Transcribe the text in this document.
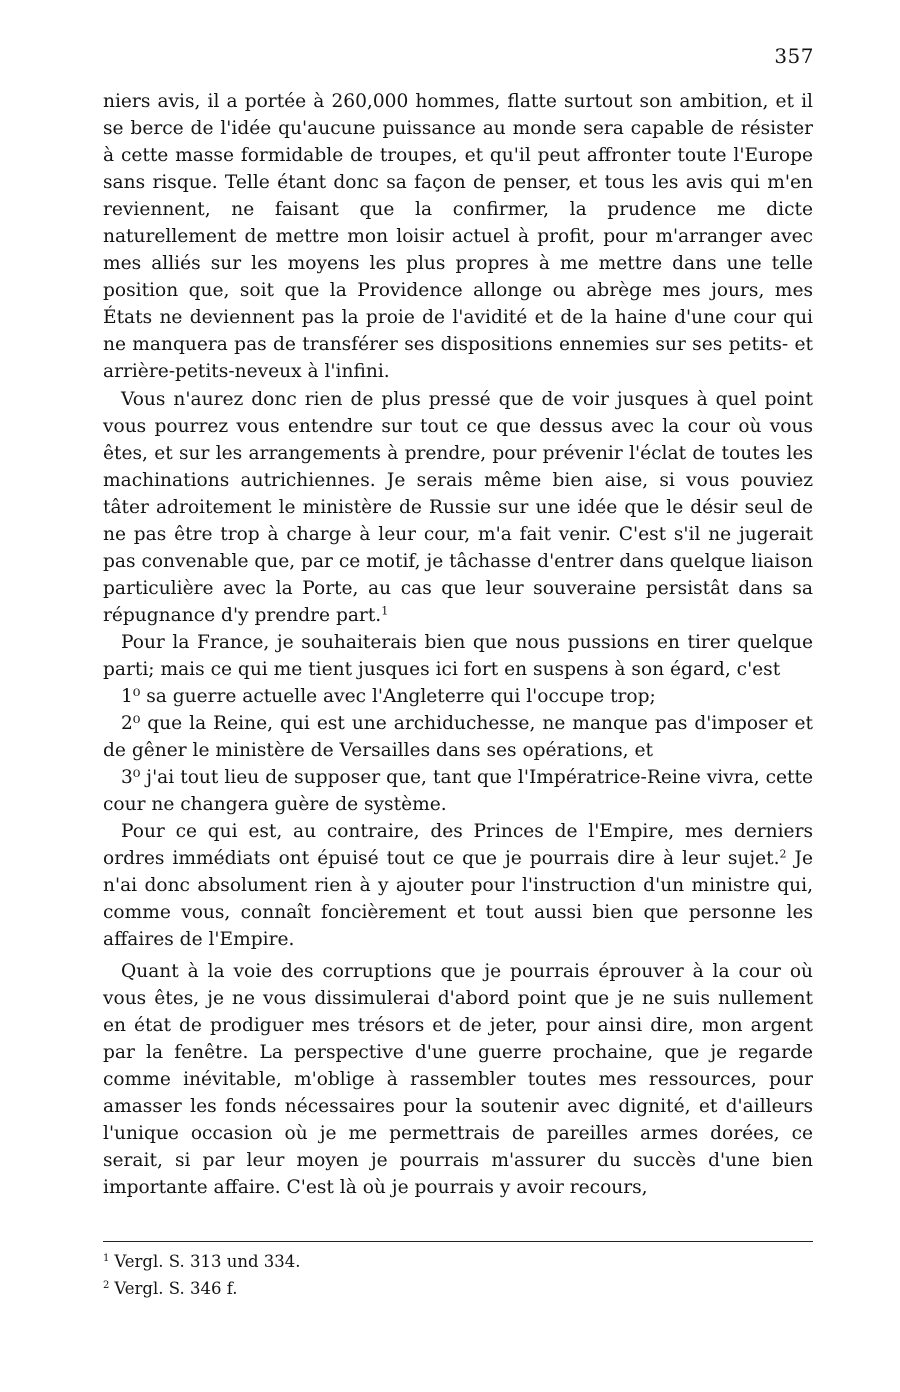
357

niers avis, il a portée à 260,000 hommes, flatte surtout son ambition, et il se berce de l'idée qu'aucune puissance au monde sera capable de résister à cette masse formidable de troupes, et qu'il peut affronter toute l'Europe sans risque. Telle étant donc sa façon de penser, et tous les avis qui m'en reviennent, ne faisant que la confirmer, la prudence me dicte naturellement de mettre mon loisir actuel à profit, pour m'arranger avec mes alliés sur les moyens les plus propres à me mettre dans une telle position que, soit que la Providence allonge ou abrège mes jours, mes États ne deviennent pas la proie de l'avidité et de la haine d'une cour qui ne manquera pas de transférer ses dispositions ennemies sur ses petits- et arrière-petits-neveux à l'infini.

Vous n'aurez donc rien de plus pressé que de voir jusques à quel point vous pourrez vous entendre sur tout ce que dessus avec la cour où vous êtes, et sur les arrangements à prendre, pour prévenir l'éclat de toutes les machinations autrichiennes. Je serais même bien aise, si vous pouviez tâter adroitement le ministère de Russie sur une idée que le désir seul de ne pas être trop à charge à leur cour, m'a fait venir. C'est s'il ne jugerait pas convenable que, par ce motif, je tâchasse d'entrer dans quelque liaison particulière avec la Porte, au cas que leur souveraine persistât dans sa répugnance d'y prendre part.$^1$

Pour la France, je souhaiterais bien que nous pussions en tirer quelque parti; mais ce qui me tient jusques ici fort en suspens à son égard, c'est

1⁰ sa guerre actuelle avec l'Angleterre qui l'occupe trop;

2⁰ que la Reine, qui est une archiduchesse, ne manque pas d'imposer et de gêner le ministère de Versailles dans ses opérations, et

3⁰ j'ai tout lieu de supposer que, tant que l'Impératrice-Reine vivra, cette cour ne changera guère de système.

Pour ce qui est, au contraire, des Princes de l'Empire, mes derniers ordres immédiats ont épuisé tout ce que je pourrais dire à leur sujet.$^2$ Je n'ai donc absolument rien à y ajouter pour l'instruction d'un ministre qui, comme vous, connaît foncièrement et tout aussi bien que personne les affaires de l'Empire.

Quant à la voie des corruptions que je pourrais éprouver à la cour où vous êtes, je ne vous dissimulerai d'abord point que je ne suis nullement en état de prodiguer mes trésors et de jeter, pour ainsi dire, mon argent par la fenêtre. La perspective d'une guerre prochaine, que je regarde comme inévitable, m'oblige à rassembler toutes mes ressources, pour amasser les fonds nécessaires pour la soutenir avec dignité, et d'ailleurs l'unique occasion où je me permettrais de pareilles armes dorées, ce serait, si par leur moyen je pourrais m'assurer du succès d'une bien importante affaire. C'est là où je pourrais y avoir recours,

$^1$ Vergl. S. 313 und 334.
$^2$ Vergl. S. 346 f.
